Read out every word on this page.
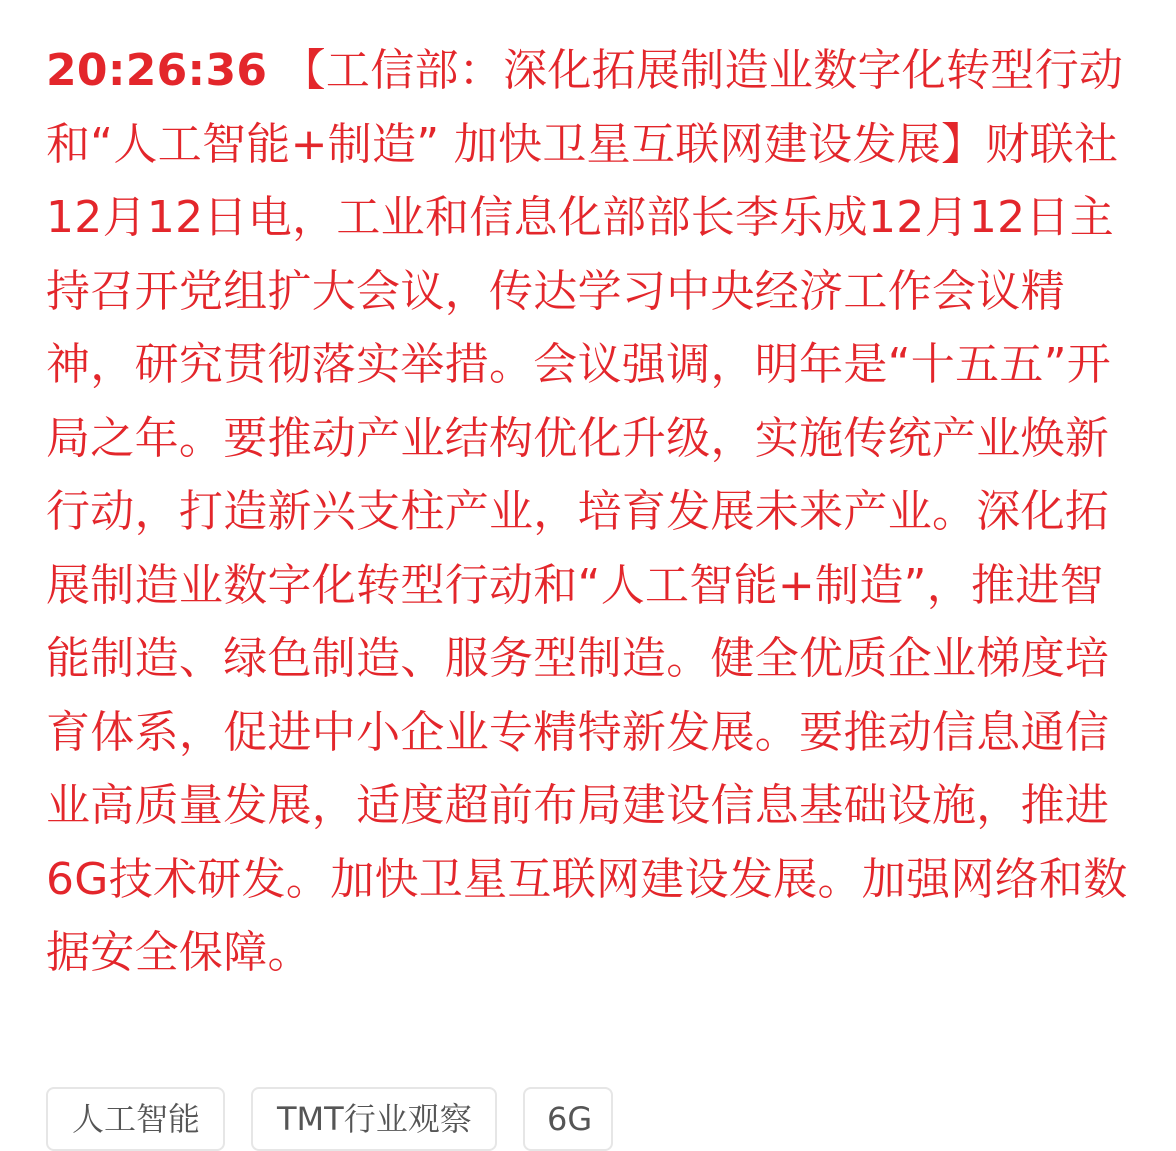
20:26:36 【工信部：深化拓展制造业数字化转型行动和“人工智能+制造” 加快卫星互联网建设发展】财联社12月12日电，工业和信息化部部长李乐成12月12日主持召开党组扩大会议，传达学习中央经济工作会议精神，研究贯彻落实举措。会议强调，明年是“十五五”开局之年。要推动产业结构优化升级，实施传统产业焕新行动，打造新兴支柱产业，培育发展未来产业。深化拓展制造业数字化转型行动和“人工智能+制造”，推进智能制造、绿色制造、服务型制造。健全优质企业梯度培育体系，促进中小企业专精特新发展。要推动信息通信业高质量发展，适度超前布局建设信息基础设施，推进6G技术研发。加快卫星互联网建设发展。加强网络和数据安全保障。
人工智能	TMT行业观察	6G
